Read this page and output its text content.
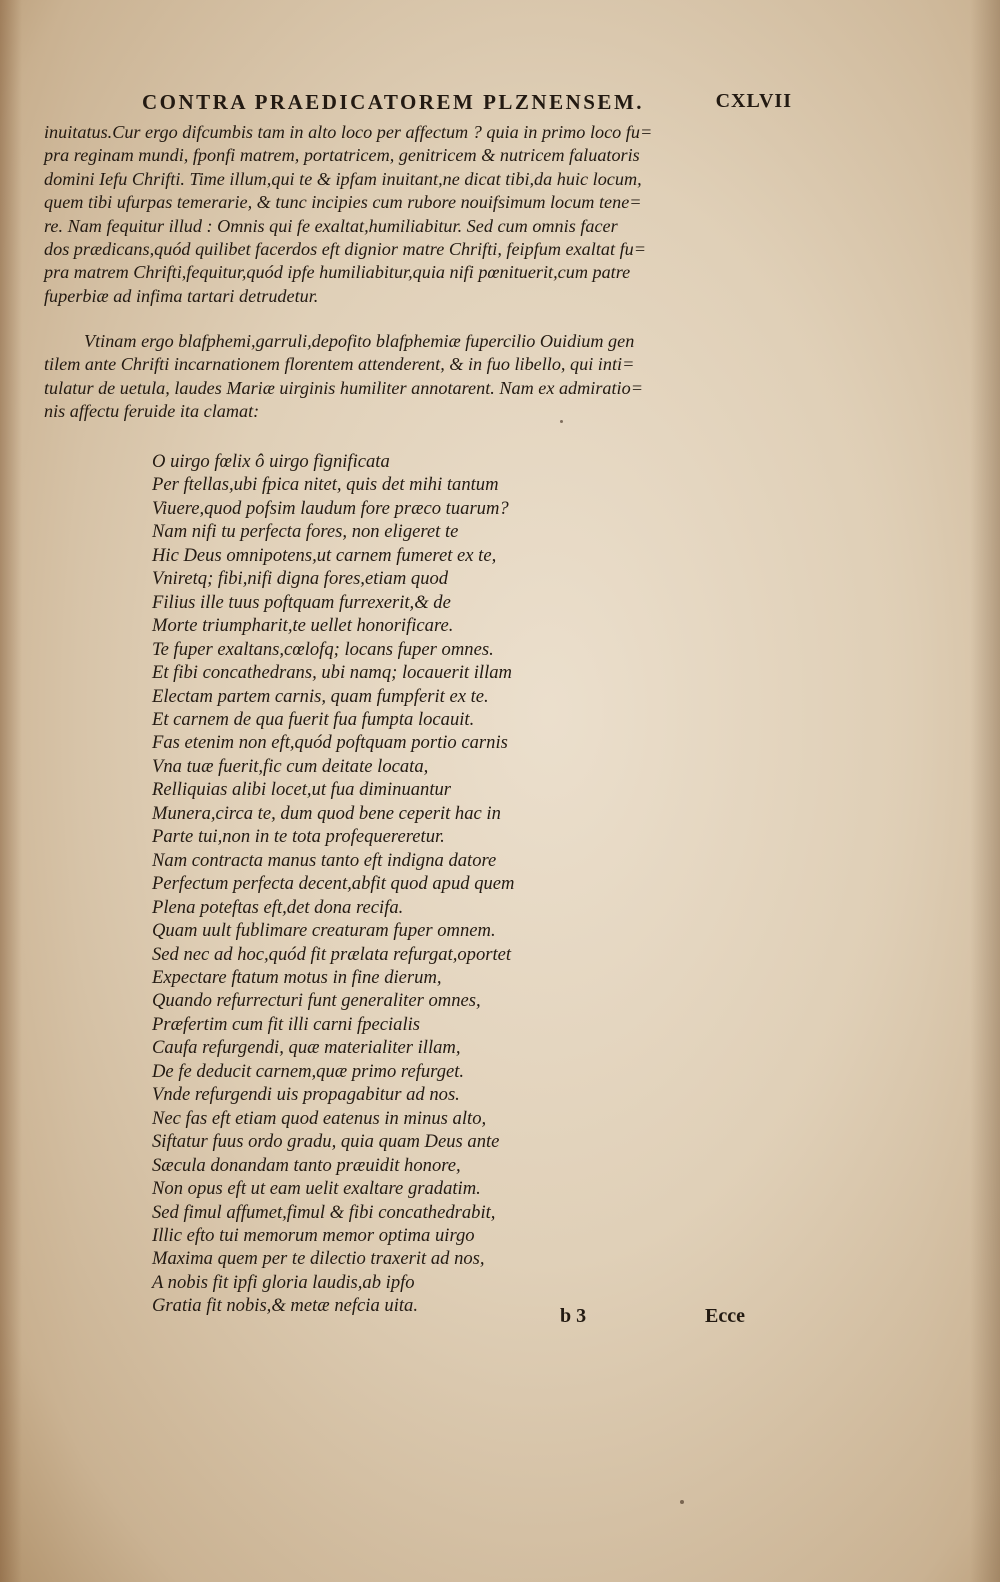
CONTRA PRAEDICATOREM PLZNENSEM.	CXLVII
inuitatus.Cur ergo difcumbis tam in alto loco per affectum ? quia in primo loco fu=
pra reginam mundi, fponfi matrem, portatricem, genitricem & nutricem faluatoris
domini Iefu Chrifti. Time illum,qui te & ipfam inuitant,ne dicat tibi,da huic locum,
quem tibi ufurpas temerarie, & tunc incipies cum rubore nouifsimum locum tene=
re. Nam fequitur illud : Omnis qui fe exaltat,humiliabitur. Sed cum omnis facer
dos prædicans,quód quilibet facerdos eft dignior matre Chrifti, feipfum exaltat fu=
pra matrem Chrifti,fequitur,quód ipfe humiliabitur,quia nifi pœnituerit,cum patre
fuperbiæ ad infima tartari detrudetur.
Vtinam ergo blafphemi,garruli,depofito blafphemiæ fupercilio Ouidium gen
tilem ante Chrifti incarnationem florentem attenderent, & in fuo libello, qui inti=
tulatur de uetula, laudes Mariæ uirginis humiliter annotarent. Nam ex admiratio=
nis affectu feruide ita clamat:
O uirgo fœlix ô uirgo fignificata
Per ftellas,ubi fpica nitet, quis det mihi tantum
Viuere,quod pofsim laudum fore præco tuarum?
Nam nifi tu perfecta fores, non eligeret te
Hic Deus omnipotens,ut carnem fumeret ex te,
Vniretq; fibi,nifi digna fores,etiam quod
Filius ille tuus poftquam furrexerit,& de
Morte triumpharit,te uellet honorificare.
Te fuper exaltans,cœlofq; locans fuper omnes.
Et fibi concathedrans, ubi namq; locauerit illam
Electam partem carnis, quam fumpferit ex te.
Et carnem de qua fuerit fua fumpta locauit.
Fas etenim non eft,quód poftquam portio carnis
Vna tuæ fuerit,fic cum deitate locata,
Relliquias alibi locet,ut fua diminuantur
Munera,circa te, dum quod bene ceperit hac in
Parte tui,non in te tota profequereretur.
Nam contracta manus tanto eft indigna datore
Perfectum perfecta decent,abfit quod apud quem
Plena poteftas eft,det dona recifa.
Quam uult fublimare creaturam fuper omnem.
Sed nec ad hoc,quód fit prælata refurgat,oportet
Expectare ftatum motus in fine dierum,
Quando refurrecturi funt generaliter omnes,
Præfertim cum fit illi carni fpecialis
Caufa refurgendi, quæ materialiter illam,
De fe deducit carnem,quæ primo refurget.
Vnde refurgendi uis propagabitur ad nos.
Nec fas eft etiam quod eatenus in minus alto,
Siftatur fuus ordo gradu, quia quam Deus ante
Sæcula donandam tanto præuidit honore,
Non opus eft ut eam uelit exaltare gradatim.
Sed fimul affumet,fimul & fibi concathedrabit,
Illic efto tui memorum memor optima uirgo
Maxima quem per te dilectio traxerit ad nos,
A nobis fit ipfi gloria laudis,ab ipfo
Gratia fit nobis,& metæ nefcia uita.	b 3	Ecce
